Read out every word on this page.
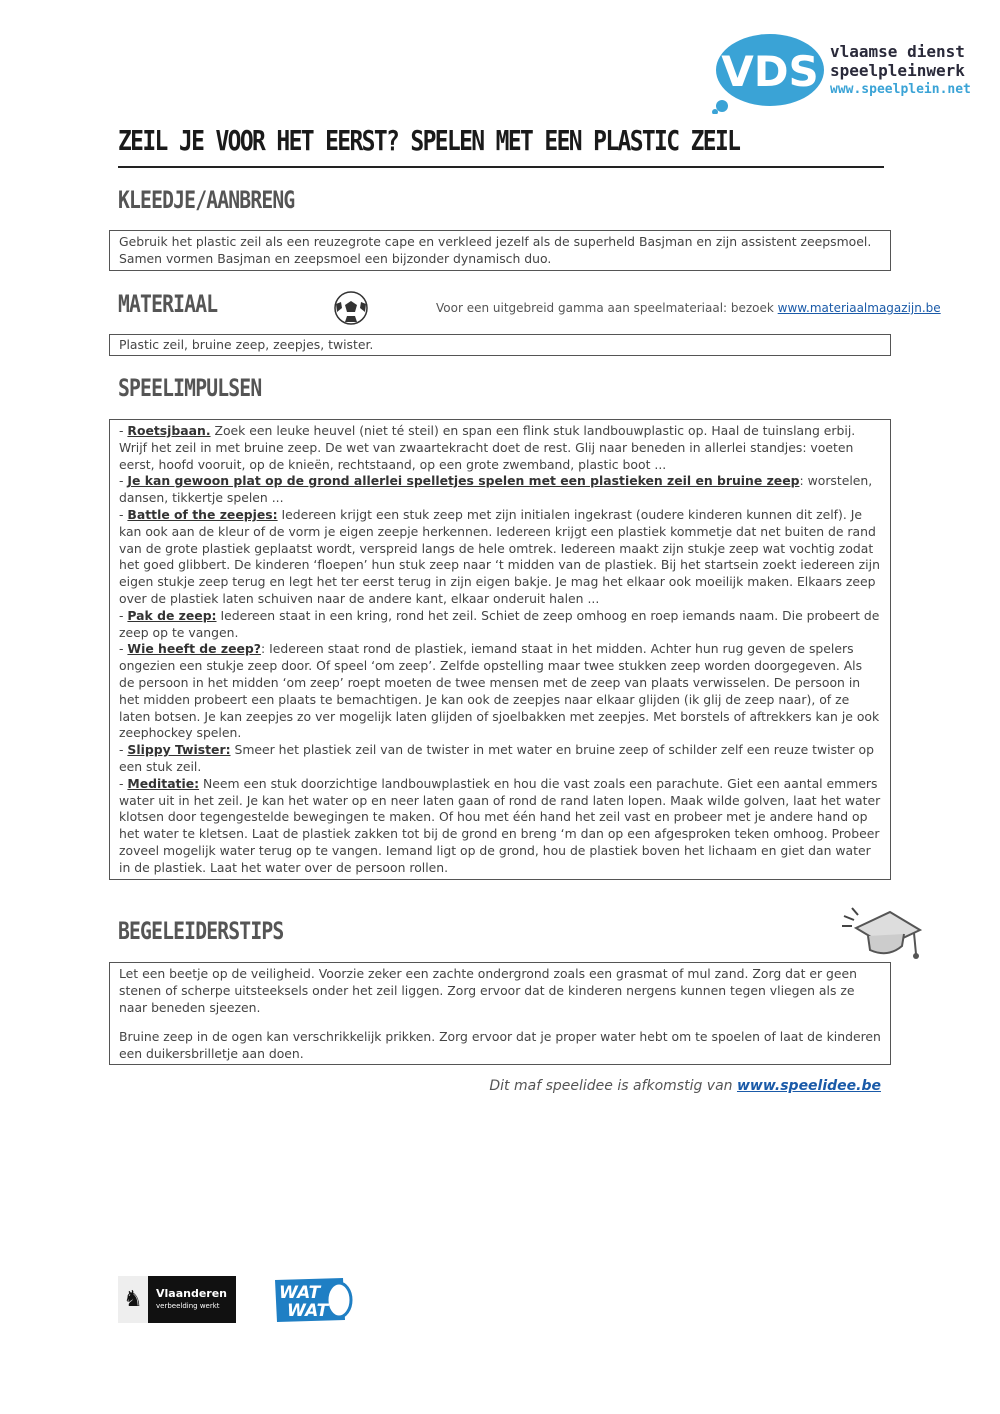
VDS vlaamse dienst
speelpleinwerk
www.speelplein.net
ZEIL JE VOOR HET EERST? SPELEN MET EEN PLASTIC ZEIL
KLEEDJE/AANBRENG

Gebruik het plastic zeil als een reuzegrote cape en verkleed jezelf als de superheld Basjman en zijn assistent zeepsmoel. Samen vormen Basjman en zeepsmoel een bijzonder dynamisch duo.

MATERIAAL	Voor een uitgebreid gamma aan speelmateriaal: bezoek www.materiaalmagazijn.be

Plastic zeil, bruine zeep, zeepjes, twister.

SPEELIMPULSEN

- Roetsjbaan. Zoek een leuke heuvel (niet té steil) en span een flink stuk landbouwplastic op. Haal de tuinslang erbij. Wrijf het zeil in met bruine zeep. De wet van zwaartekracht doet de rest. Glij naar beneden in allerlei standjes: voeten eerst, hoofd vooruit, op de knieën, rechtstaand, op een grote zwemband, plastic boot ...

- Je kan gewoon plat op de grond allerlei spelletjes spelen met een plastieken zeil en bruine zeep: worstelen, dansen, tikkertje spelen ...

- Battle of the zeepjes: Iedereen krijgt een stuk zeep met zijn initialen ingekrast (oudere kinderen kunnen dit zelf). Je kan ook aan de kleur of de vorm je eigen zeepje herkennen. Iedereen krijgt een plastiek kommetje dat net buiten de rand van de grote plastiek geplaatst wordt, verspreid langs de hele omtrek. Iedereen maakt zijn stukje zeep wat vochtig zodat het goed glibbert. De kinderen ‘floepen’ hun stuk zeep naar ‘t midden van de plastiek. Bij het startsein zoekt iedereen zijn eigen stukje zeep terug en legt het ter eerst terug in zijn eigen bakje. Je mag het elkaar ook moeilijk maken. Elkaars zeep over de plastiek laten schuiven naar de andere kant, elkaar onderuit halen ...

- Pak de zeep: Iedereen staat in een kring, rond het zeil. Schiet de zeep omhoog en roep iemands naam. Die probeert de zeep op te vangen.

- Wie heeft de zeep?: Iedereen staat rond de plastiek, iemand staat in het midden. Achter hun rug geven de spelers ongezien een stukje zeep door. Of speel ‘om zeep’. Zelfde opstelling maar twee stukken zeep worden doorgegeven. Als de persoon in het midden ‘om zeep’ roept moeten de twee mensen met de zeep van plaats verwisselen. De persoon in het midden probeert een plaats te bemachtigen. Je kan ook de zeepjes naar elkaar glijden (ik glij de zeep naar), of ze laten botsen. Je kan zeepjes zo ver mogelijk laten glijden of sjoelbakken met zeepjes. Met borstels of aftrekkers kan je ook zeephockey spelen.

- Slippy Twister: Smeer het plastiek zeil van de twister in met water en bruine zeep of schilder zelf een reuze twister op een stuk zeil.

- Meditatie: Neem een stuk doorzichtige landbouwplastiek en hou die vast zoals een parachute. Giet een aantal emmers water uit in het zeil. Je kan het water op en neer laten gaan of rond de rand laten lopen. Maak wilde golven, laat het water klotsen door tegengestelde bewegingen te maken. Of hou met één hand het zeil vast en probeer met je andere hand op het water te kletsen. Laat de plastiek zakken tot bij de grond en breng ‘m dan op een afgesproken teken omhoog. Probeer zoveel mogelijk water terug op te vangen. Iemand ligt op de grond, hou de plastiek boven het lichaam en giet dan water in de plastiek. Laat het water over de persoon rollen.

BEGELEIDERSTIPS

Let een beetje op de veiligheid. Voorzie zeker een zachte ondergrond zoals een grasmat of mul zand. Zorg dat er geen stenen of scherpe uitsteeksels onder het zeil liggen. Zorg ervoor dat de kinderen nergens kunnen tegen vliegen als ze naar beneden sjeezen.

Bruine zeep in de ogen kan verschrikkelijk prikken. Zorg ervoor dat je proper water hebt om te spoelen of laat de kinderen een duikersbrilletje aan doen.

Dit maf speelidee is afkomstig van www.speelidee.be
♞	Vlaanderen
verbeelding werkt
WAT
WAT
